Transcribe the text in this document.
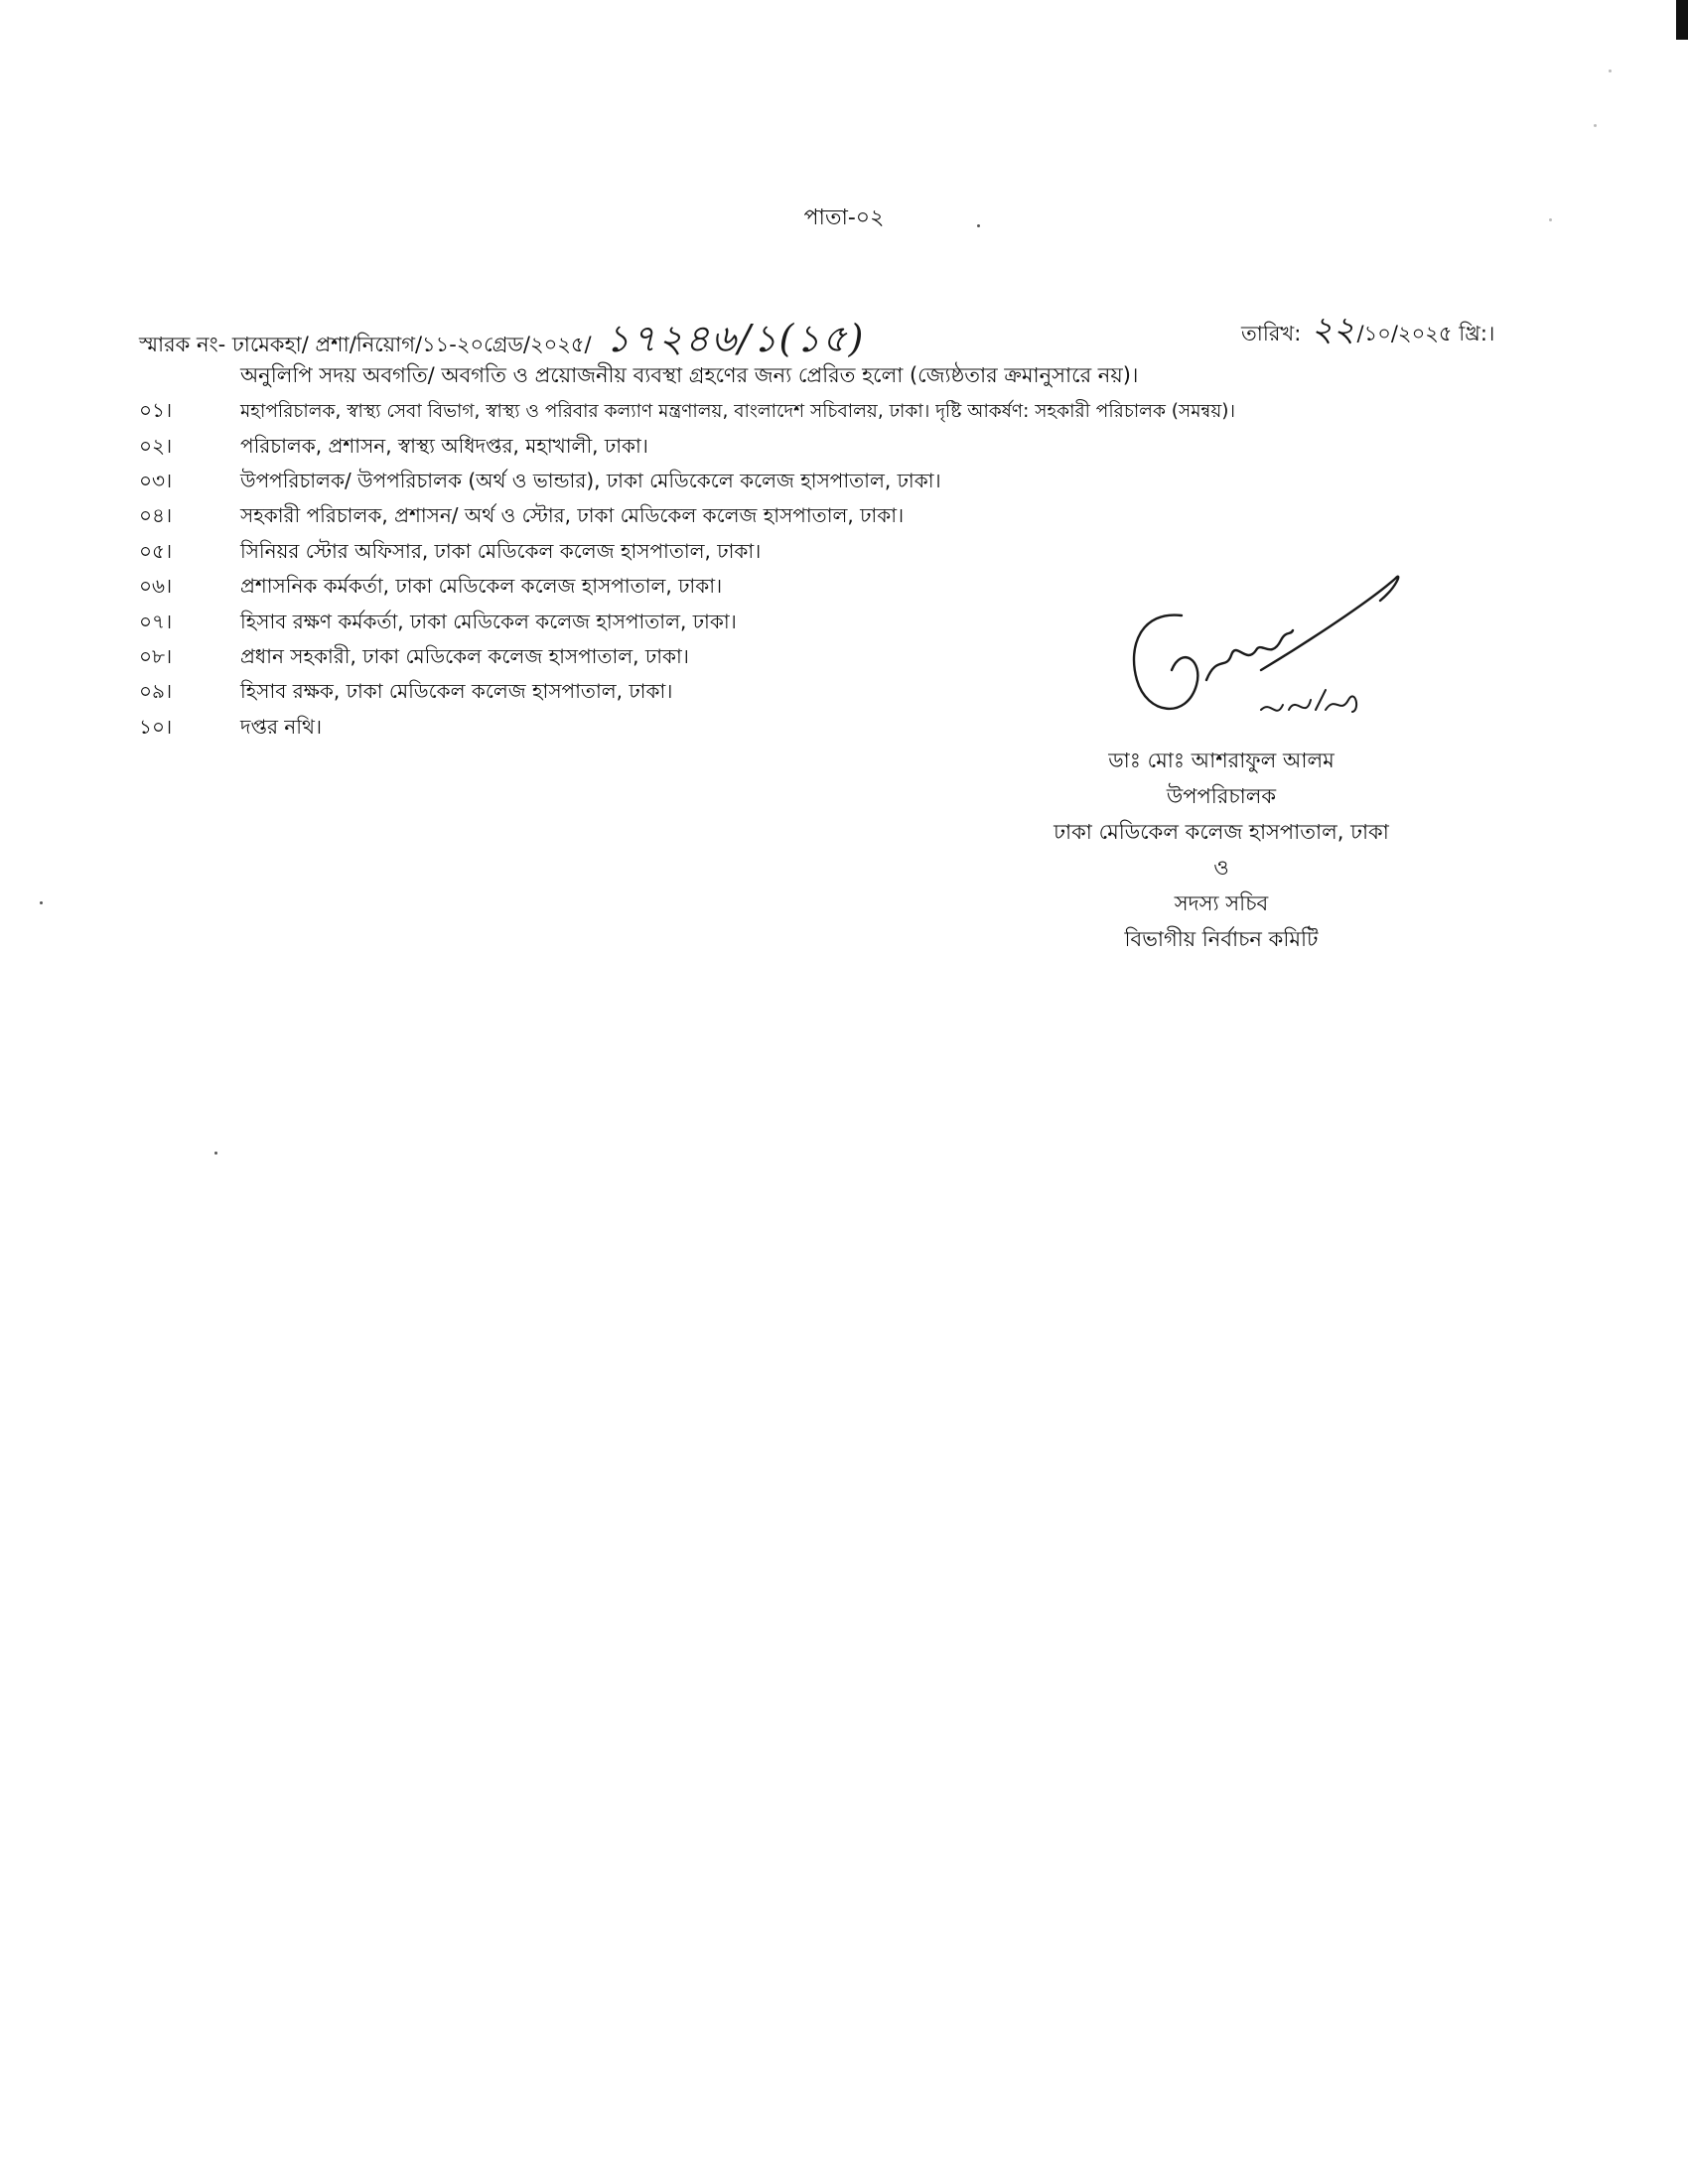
পাতা-০২
স্মারক নং- ঢামেকহা/ প্রশা/নিয়োগ/১১-২০গ্রেড/২০২৫/ ১৭২৪৬/১(১৫)	তারিখ: ২২ /১০/২০২৫ খ্রি:।
অনুলিপি সদয় অবগতি/ অবগতি ও প্রয়োজনীয় ব্যবস্থা গ্রহণের জন্য প্রেরিত হলো (জ্যেষ্ঠতার ক্রমানুসারে নয়)।
০১।	মহাপরিচালক, স্বাস্থ্য সেবা বিভাগ, স্বাস্থ্য ও পরিবার কল্যাণ মন্ত্রণালয়, বাংলাদেশ সচিবালয়, ঢাকা। দৃষ্টি আকর্ষণ: সহকারী পরিচালক (সমন্বয়)।
০২।	পরিচালক, প্রশাসন, স্বাস্থ্য অধিদপ্তর, মহাখালী, ঢাকা।
০৩।	উপপরিচালক/ উপপরিচালক (অর্থ ও ভান্ডার), ঢাকা মেডিকেলে কলেজ হাসপাতাল, ঢাকা।
০৪।	সহকারী পরিচালক, প্রশাসন/ অর্থ ও স্টোর, ঢাকা মেডিকেল কলেজ হাসপাতাল, ঢাকা।
০৫।	সিনিয়র স্টোর অফিসার, ঢাকা মেডিকেল কলেজ হাসপাতাল, ঢাকা।
০৬।	প্রশাসনিক কর্মকর্তা, ঢাকা মেডিকেল কলেজ হাসপাতাল, ঢাকা।
০৭।	হিসাব রক্ষণ কর্মকর্তা, ঢাকা মেডিকেল কলেজ হাসপাতাল, ঢাকা।
০৮।	প্রধান সহকারী, ঢাকা মেডিকেল কলেজ হাসপাতাল, ঢাকা।
০৯।	হিসাব রক্ষক, ঢাকা মেডিকেল কলেজ হাসপাতাল, ঢাকা।
১০।	দপ্তর নথি।
ডাঃ মোঃ আশরাফুল আলম
উপপরিচালক
ঢাকা মেডিকেল কলেজ হাসপাতাল, ঢাকা
ও
সদস্য সচিব
বিভাগীয় নির্বাচন কমিটি
